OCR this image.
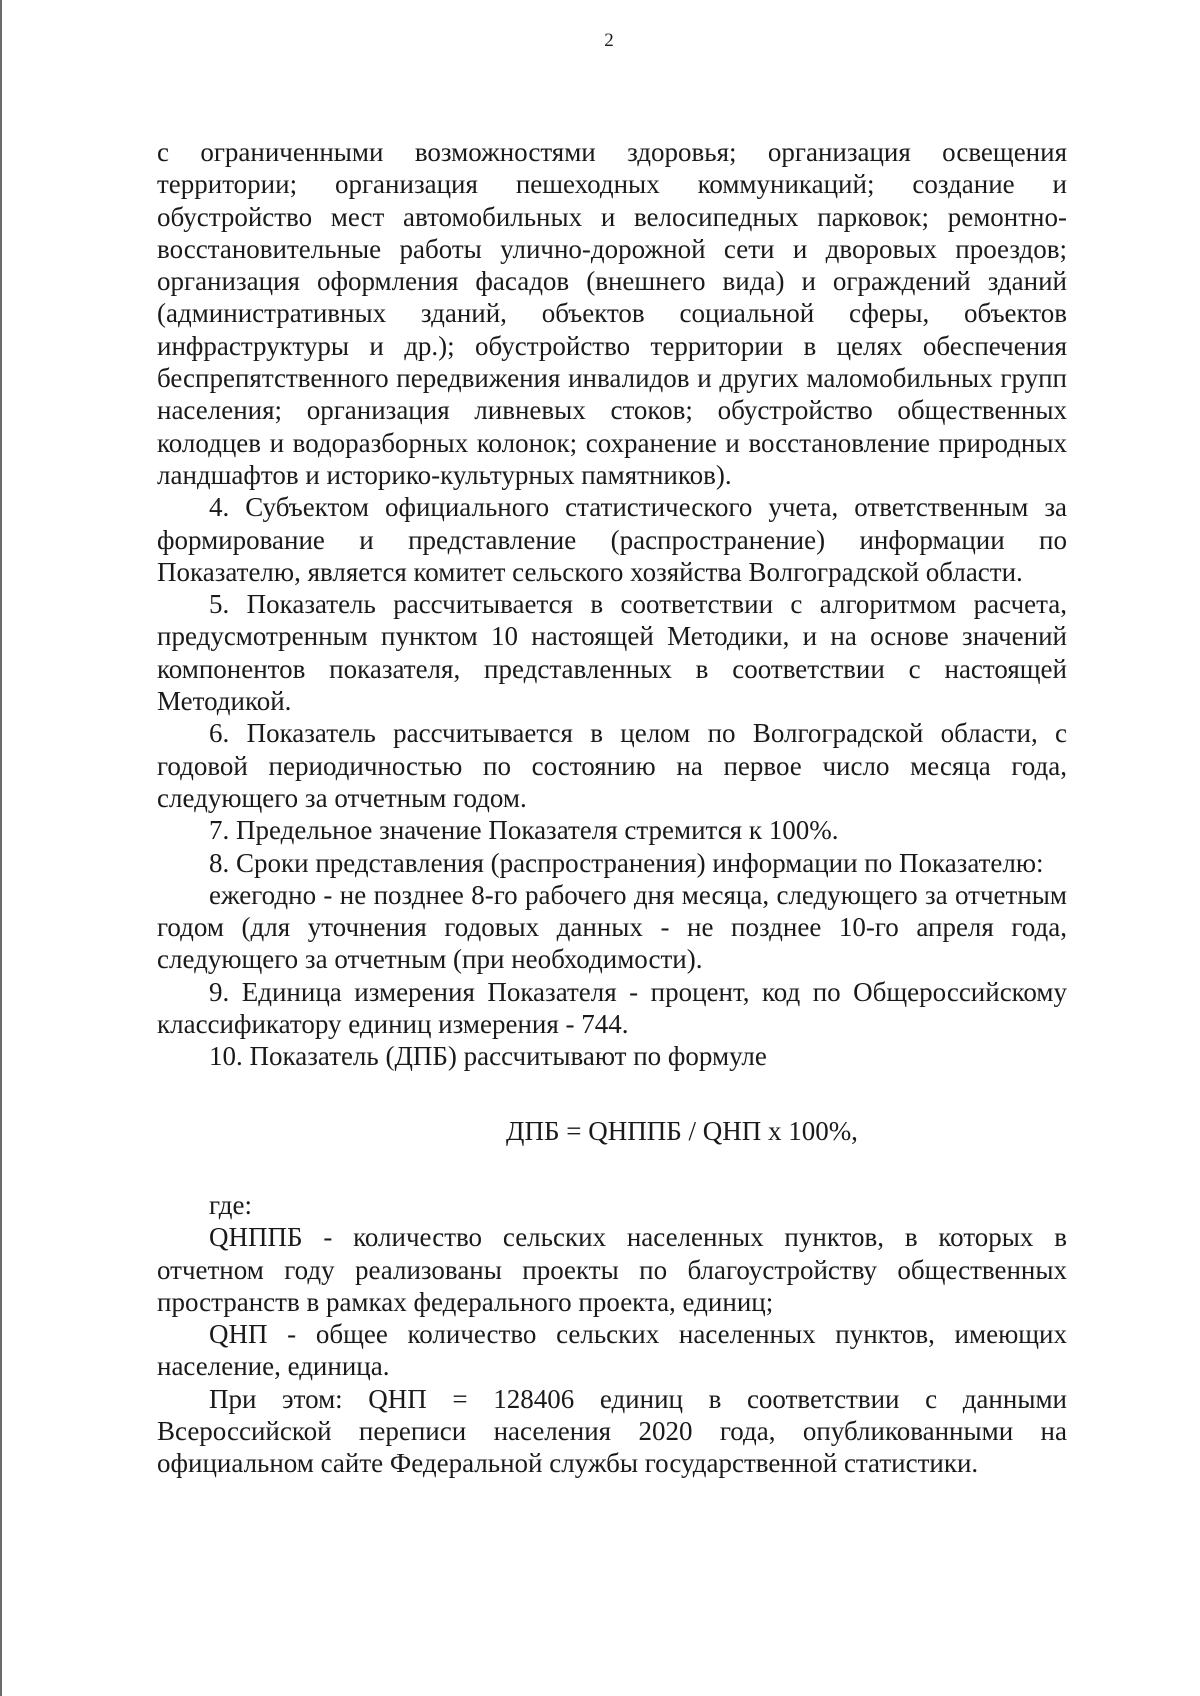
2

с ограниченными возможностями здоровья; организация освещения территории; организация пешеходных коммуникаций; создание и обустройство мест автомобильных и велосипедных парковок; ремонтно-восстановительные работы улично-дорожной сети и дворовых проездов; организация оформления фасадов (внешнего вида) и ограждений зданий (административных зданий, объектов социальной сферы, объектов инфраструктуры и др.); обустройство территории в целях обеспечения беспрепятственного передвижения инвалидов и других маломобильных групп населения; организация ливневых стоков; обустройство общественных колодцев и водоразборных колонок; сохранение и восстановление природных ландшафтов и историко-культурных памятников).

4. Субъектом официального статистического учета, ответственным за формирование и представление (распространение) информации по Показателю, является комитет сельского хозяйства Волгоградской области.

5. Показатель рассчитывается в соответствии с алгоритмом расчета, предусмотренным пунктом 10 настоящей Методики, и на основе значений компонентов показателя, представленных в соответствии с настоящей Методикой.

6. Показатель рассчитывается в целом по Волгоградской области, с годовой периодичностью по состоянию на первое число месяца года, следующего за отчетным годом.

7. Предельное значение Показателя стремится к 100%.

8. Сроки представления (распространения) информации по Показателю:

ежегодно - не позднее 8-го рабочего дня месяца, следующего за отчетным годом (для уточнения годовых данных - не позднее 10-го апреля года, следующего за отчетным (при необходимости).

9. Единица измерения Показателя - процент, код по Общероссийскому классификатору единиц измерения - 744.

10. Показатель (ДПБ) рассчитывают по формуле

ДПБ = QНППБ / QНП x 100%,

где:

QНППБ - количество сельских населенных пунктов, в которых в отчетном году реализованы проекты по благоустройству общественных пространств в рамках федерального проекта, единиц;

QНП - общее количество сельских населенных пунктов, имеющих население, единица.

При этом: QНП = 128406 единиц в соответствии с данными Всероссийской переписи населения 2020 года, опубликованными на официальном сайте Федеральной службы государственной статистики.
